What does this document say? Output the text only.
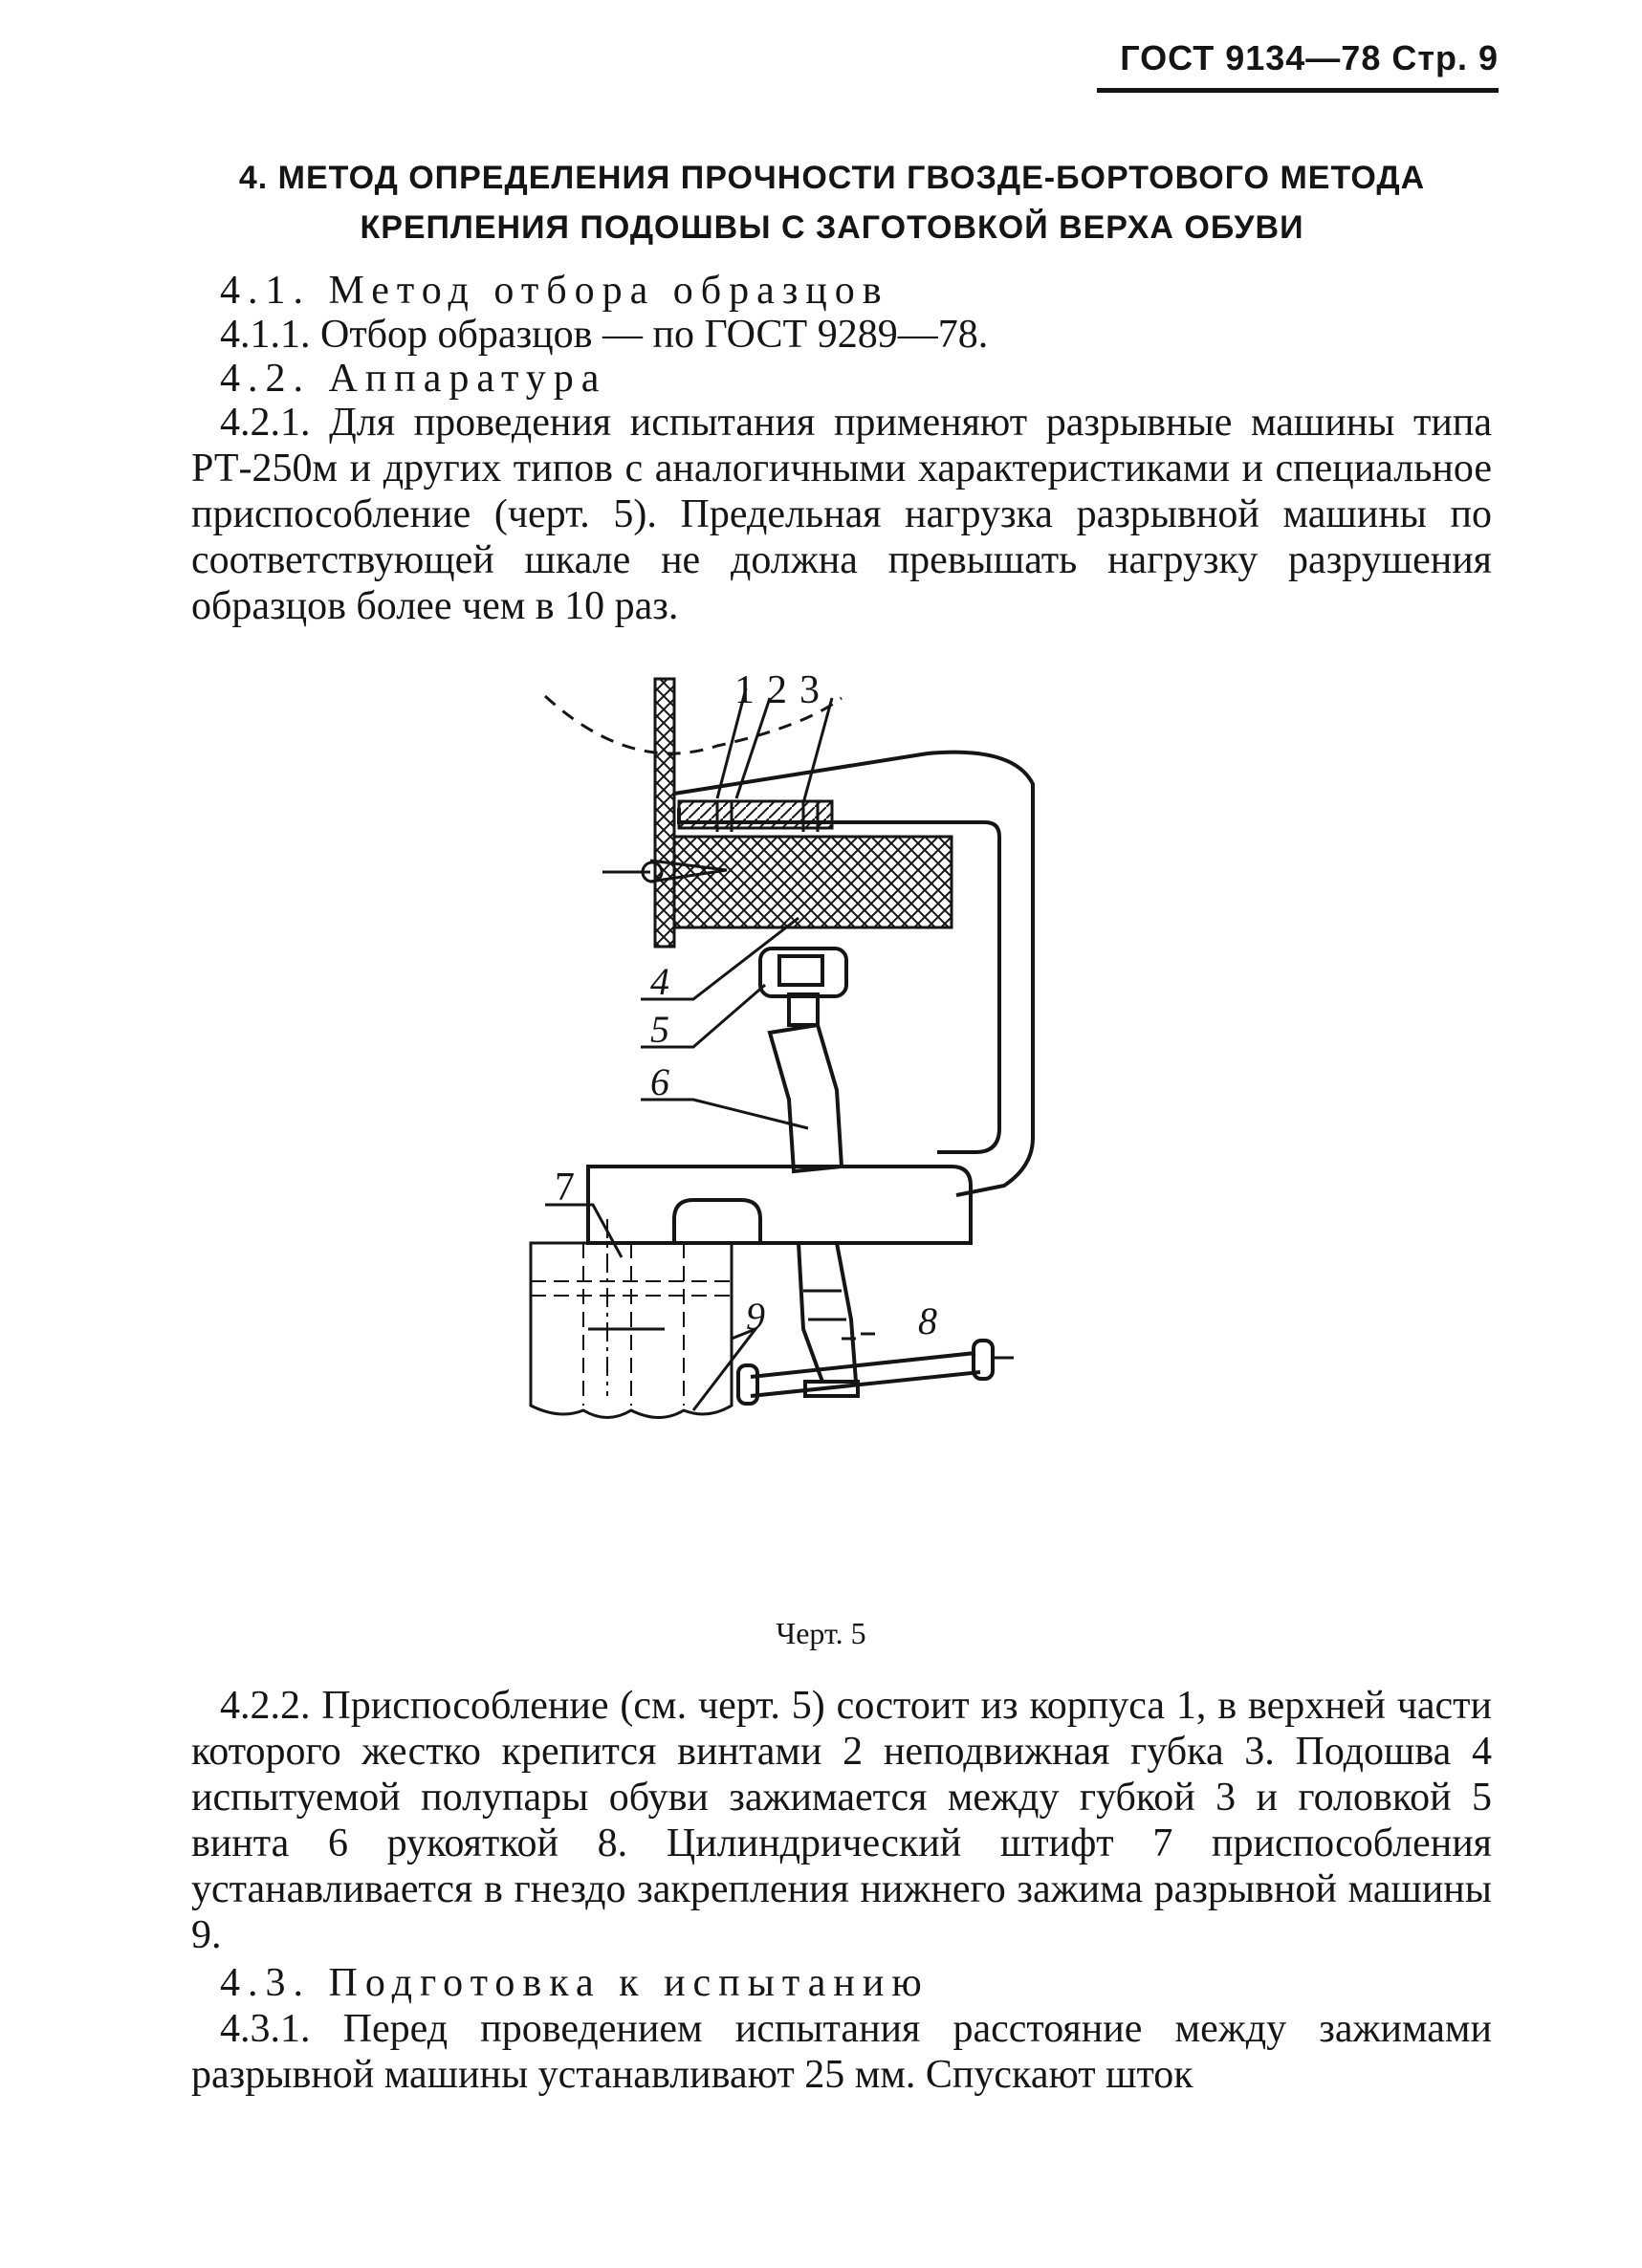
ГОСТ 9134—78 Стр. 9
4. МЕТОД ОПРЕДЕЛЕНИЯ ПРОЧНОСТИ ГВОЗДЕ-БОРТОВОГО МЕТОДА
КРЕПЛЕНИЯ ПОДОШВЫ С ЗАГОТОВКОЙ ВЕРХА ОБУВИ
4.1. Метод отбора образцов
4.1.1. Отбор образцов — по ГОСТ 9289—78.
4.2. Аппаратура
4.2.1. Для проведения испытания применяют разрывные машины типа РТ-250м и других типов с аналогичными характеристиками и специальное приспособление (черт. 5). Предельная нагрузка разрывной машины по соответствующей шкале не должна превышать нагрузку разрушения образцов более чем в 10 раз.
1 2 3
4
5
6
7
8
9
Черт. 5
4.2.2. Приспособление (см. черт. 5) состоит из корпуса 1, в верхней части которого жестко крепится винтами 2 неподвижная губка 3. Подошва 4 испытуемой полупары обуви зажимается между губкой 3 и головкой 5 винта 6 рукояткой 8. Цилиндрический штифт 7 приспособления устанавливается в гнездо закрепления нижнего зажима разрывной машины 9.
4.3. Подготовка к испытанию
4.3.1. Перед проведением испытания расстояние между зажимами разрывной машины устанавливают 25 мм. Спускают шток
